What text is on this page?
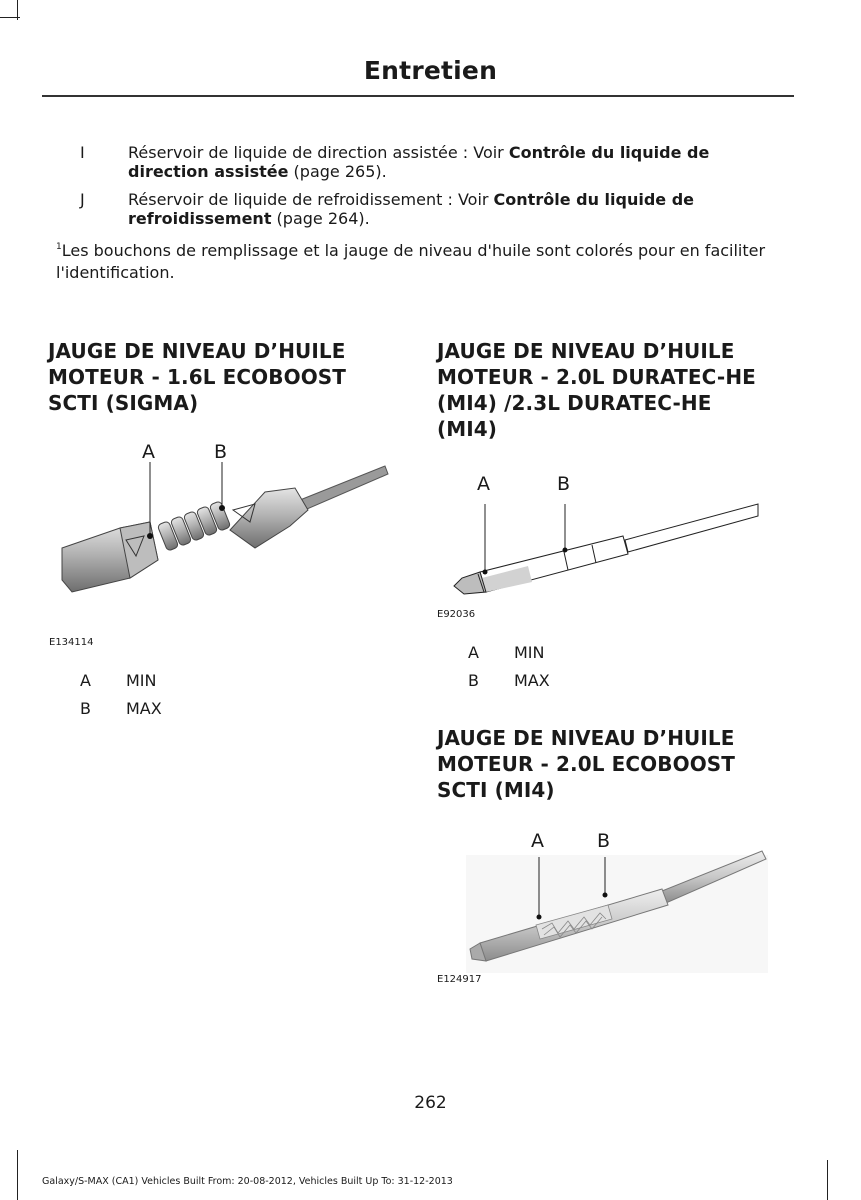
Entretien
I	Réservoir de liquide de direction assistée : Voir Contrôle du liquide de direction assistée (page 265).
J	Réservoir de liquide de refroidissement : Voir Contrôle du liquide de refroidissement (page 264).
$^1$Les bouchons de remplissage et la jauge de niveau d'huile sont colorés pour en faciliter l'identification.
JAUGE DE NIVEAU D’HUILE
MOTEUR - 1.6L ECOBOOST
SCTI (SIGMA)
A	B
E134114
A MIN
B MAX
JAUGE DE NIVEAU D’HUILE
MOTEUR - 2.0L DURATEC-HE
(MI4) /2.3L DURATEC-HE
(MI4)
A	B
E92036
A MIN
B MAX
JAUGE DE NIVEAU D’HUILE
MOTEUR - 2.0L ECOBOOST
SCTI (MI4)
A	B
E124917
262
Galaxy/S-MAX (CA1) Vehicles Built From: 20-08-2012, Vehicles Built Up To: 31-12-2013
